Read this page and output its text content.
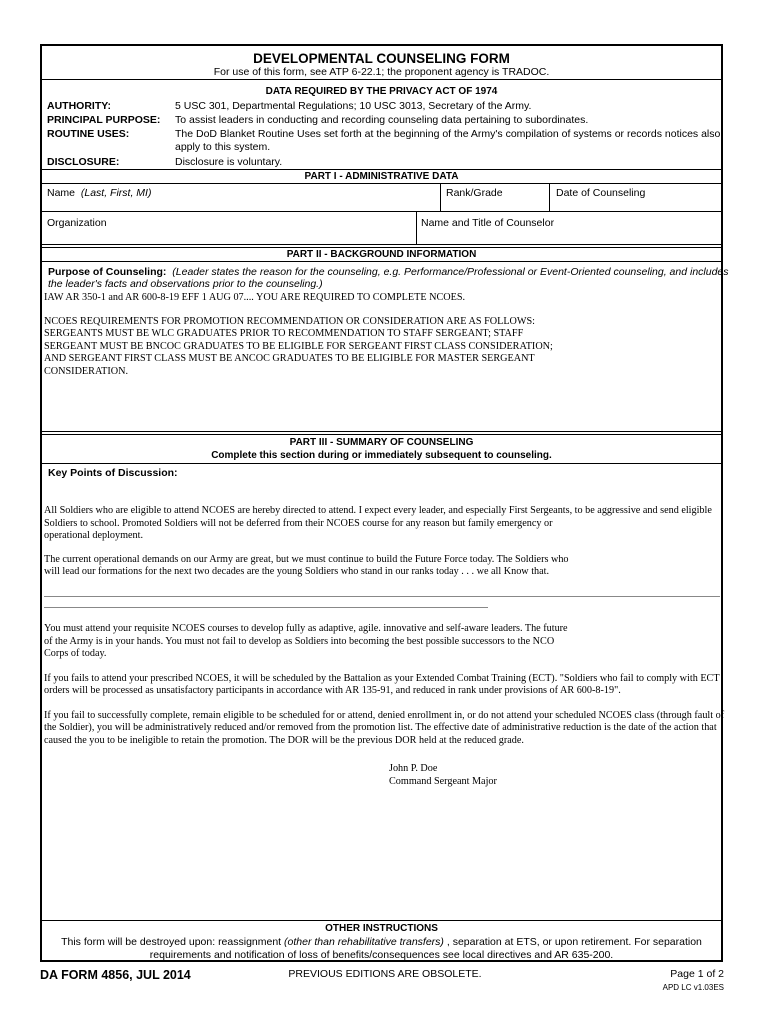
DEVELOPMENTAL COUNSELING FORM
For use of this form, see ATP 6-22.1; the proponent agency is TRADOC.
DATA REQUIRED BY THE PRIVACY ACT OF 1974
AUTHORITY:	5 USC 301, Departmental Regulations; 10 USC 3013, Secretary of the Army.
PRINCIPAL PURPOSE: To assist leaders in conducting and recording counseling data pertaining to subordinates.
ROUTINE USES:	The DoD Blanket Routine Uses set forth at the beginning of the Army's compilation of systems or records notices also
apply to this system.
DISCLOSURE:	Disclosure is voluntary.
PART I - ADMINISTRATIVE DATA
Name (Last, First, MI)	Rank/Grade	Date of Counseling
Organization	Name and Title of Counselor
PART II - BACKGROUND INFORMATION
Purpose of Counseling: (Leader states the reason for the counseling, e.g. Performance/Professional or Event-Oriented counseling, and includes
the leader's facts and observations prior to the counseling.)
IAW AR 350-1 and AR 600-8-19 EFF 1 AUG 07.... YOU ARE REQUIRED TO COMPLETE NCOES.
NCOES REQUIREMENTS FOR PROMOTION RECOMMENDATION OR CONSIDERATION ARE AS FOLLOWS:
SERGEANTS MUST BE WLC GRADUATES PRIOR TO RECOMMENDATION TO STAFF SERGEANT; STAFF
SERGEANT MUST BE BNCOC GRADUATES TO BE ELIGIBLE FOR SERGEANT FIRST CLASS CONSIDERATION;
AND SERGEANT FIRST CLASS MUST BE ANCOC GRADUATES TO BE ELIGIBLE FOR MASTER SERGEANT
CONSIDERATION.
PART III - SUMMARY OF COUNSELING
Complete this section during or immediately subsequent to counseling.
Key Points of Discussion:
All Soldiers who are eligible to attend NCOES are hereby directed to attend. I expect every leader, and especially First Sergeants, to be aggressive and send eligible
Soldiers to school. Promoted Soldiers will not be deferred from their NCOES course for any reason but family emergency or
operational deployment.
The current operational demands on our Army are great, but we must continue to build the Future Force today. The Soldiers who
will lead our formations for the next two decades are the young Soldiers who stand in our ranks today . . . we all Know that.
You must attend your requisite NCOES courses to develop fully as adaptive, agile. innovative and self-aware leaders. The future
of the Army is in your hands. You must not fail to develop as Soldiers into becoming the best possible successors to the NCO
Corps of today.
If you fails to attend your prescribed NCOES, it will be scheduled by the Battalion as your Extended Combat Training (ECT). "Soldiers who fail to comply with ECT
orders will be processed as unsatisfactory participants in accordance with AR 135-91, and reduced in rank under provisions of AR 600-8-19".
If you fail to successfully complete, remain eligible to be scheduled for or attend, denied enrollment in, or do not attend your scheduled NCOES class (through fault of
the Soldier), you will be administratively reduced and/or removed from the promotion list. The effective date of administrative reduction is the date of the action that
caused the you to be ineligible to retain the promotion. The DOR will be the previous DOR held at the reduced grade.
John P. Doe
Command Sergeant Major
OTHER INSTRUCTIONS
This form will be destroyed upon: reassignment (other than rehabilitative transfers) , separation at ETS, or upon retirement. For separation
requirements and notification of loss of benefits/consequences see local directives and AR 635-200.
DA FORM 4856, JUL 2014	PREVIOUS EDITIONS ARE OBSOLETE.	Page 1 of 2
APD LC v1.03ES
